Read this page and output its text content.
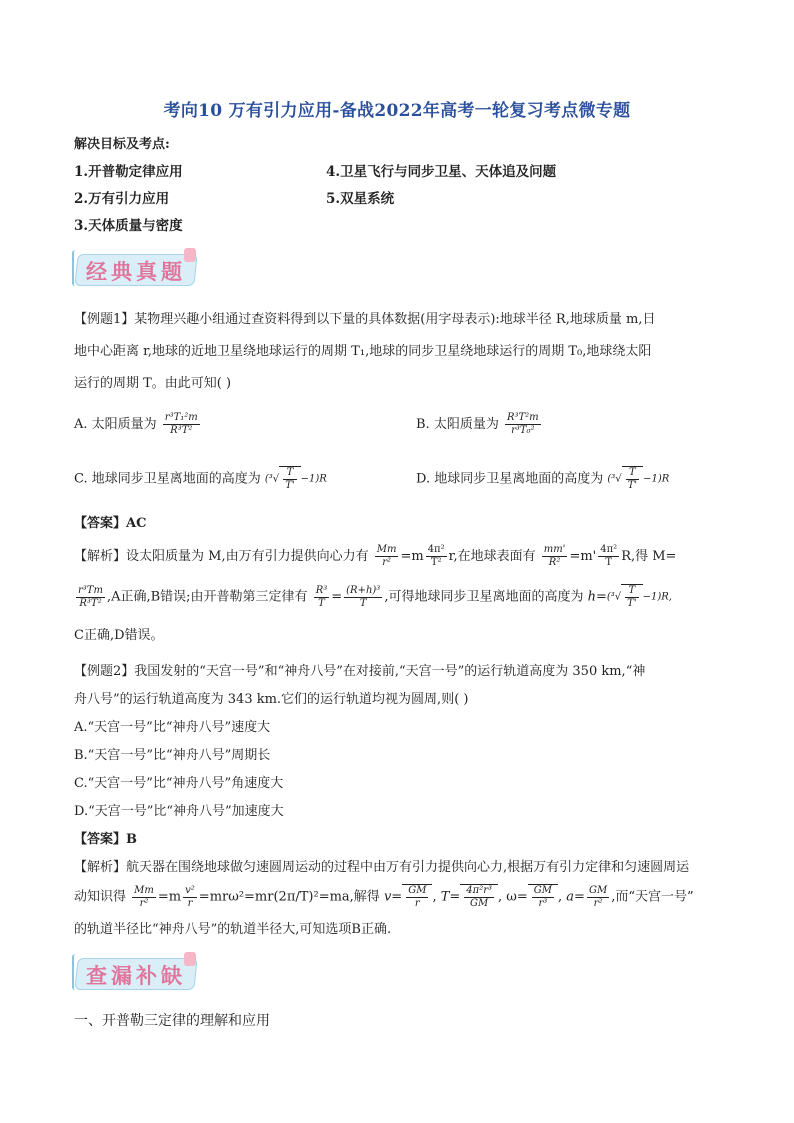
考向10 万有引力应用-备战2022年高考一轮复习考点微专题
解决目标及考点:
1.开普勒定律应用
2.万有引力应用
3.天体质量与密度
4.卫星飞行与同步卫星、天体追及问题
5.双星系统
经典真题
【例题1】某物理兴趣小组通过查资料得到以下量的具体数据(用字母表示):地球半径 R,地球质量 m,日
地中心距离 r,地球的近地卫星绕地球运行的周期 T₁,地球的同步卫星绕地球运行的周期 T₀,地球绕太阳
运行的周期 T。由此可知( )
A. 太阳质量为 $\frac{\text{r³T₁²m}}{\text{R³T²}}$	B. 太阳质量为 $\frac{\text{R³T²m}}{\text{r³T₀²}}$
C. 地球同步卫星离地面的高度为 $(^3√ \frac{T}{T'} -1)R$	D. 地球同步卫星离地面的高度为 $(^3√ \frac{T}{T'} -1)R$
【答案】AC
【解析】设太阳质量为 M,由万有引力提供向心力有 $\frac{Mm}{\text{r²}} =m \frac{\text{4π²}}{\text{T²}} r$,在地球表面有 $\frac{mm'}{\text{R²}} =m' \frac{\text{4π²}}{T} R$,得 M=
$\frac{\text{r³Tm}}{\text{R³T²}} ,A$正确,B错误;由开普勒第三定律有 $\frac{\text{R³}}{T} = \frac{\text{(R+h)³}}{T}$ ,可得地球同步卫星离地面的高度为 $h=(^3√ \frac{T}{T'} -1)R$,
C正确,D错误。
【例题2】我国发射的“天宫一号”和“神舟八号”在对接前,“天宫一号”的运行轨道高度为 350 km,“神
舟八号”的运行轨道高度为 343 km.它们的运行轨道均视为圆周,则( )
A.“天宫一号”比“神舟八号”速度大
B.“天宫一号”比“神舟八号”周期长
C.“天宫一号”比“神舟八号”角速度大
D.“天宫一号”比“神舟八号”加速度大
【答案】B
【解析】航天器在围绕地球做匀速圆周运动的过程中由万有引力提供向心力,根据万有引力定律和匀速圆周运
动知识得 $\frac{Mm}{\text{r²}} =m \frac{\text{v²}}{r} =mr\omega^2=mr(2\pi/T)^2=ma$,解得 $v= \frac{GM}{r}$ , $T= \frac{\text{4π²r³}}{GM}$ , $\omega= \frac{GM}{\text{r³}}$ , $a= \frac{GM}{\text{r²}}$ ,而“天宫一号”
的轨道半径比“神舟八号”的轨道半径大,可知选项B正确.
查漏补缺
一、开普勒三定律的理解和应用
